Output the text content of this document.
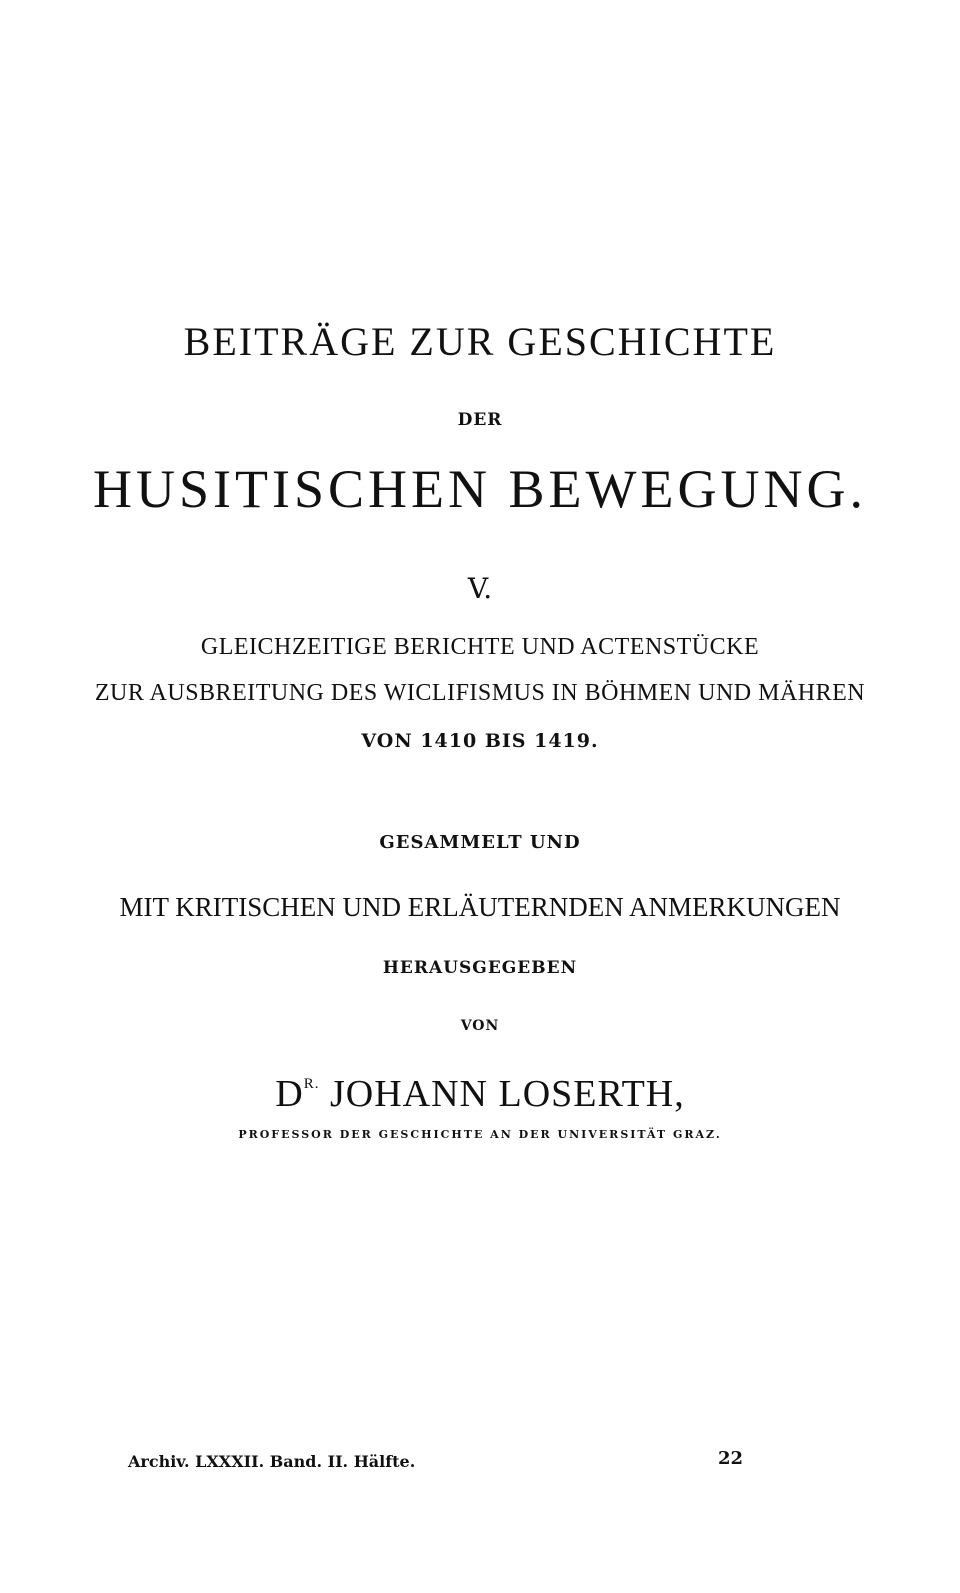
BEITRÄGE ZUR GESCHICHTE
DER
HUSITISCHEN BEWEGUNG.
V.
GLEICHZEITIGE BERICHTE UND ACTENSTÜCKE
ZUR AUSBREITUNG DES WICLIFISMUS IN BÖHMEN UND MÄHREN
VON 1410 BIS 1419.
GESAMMELT UND
MIT KRITISCHEN UND ERLÄUTERNDEN ANMERKUNGEN
HERAUSGEGEBEN
VON
$D^{R.}$ JOHANN LOSERTH,
PROFESSOR DER GESCHICHTE AN DER UNIVERSITÄT GRAZ.
Archiv. LXXXII. Band. II. Hälfte.	22
